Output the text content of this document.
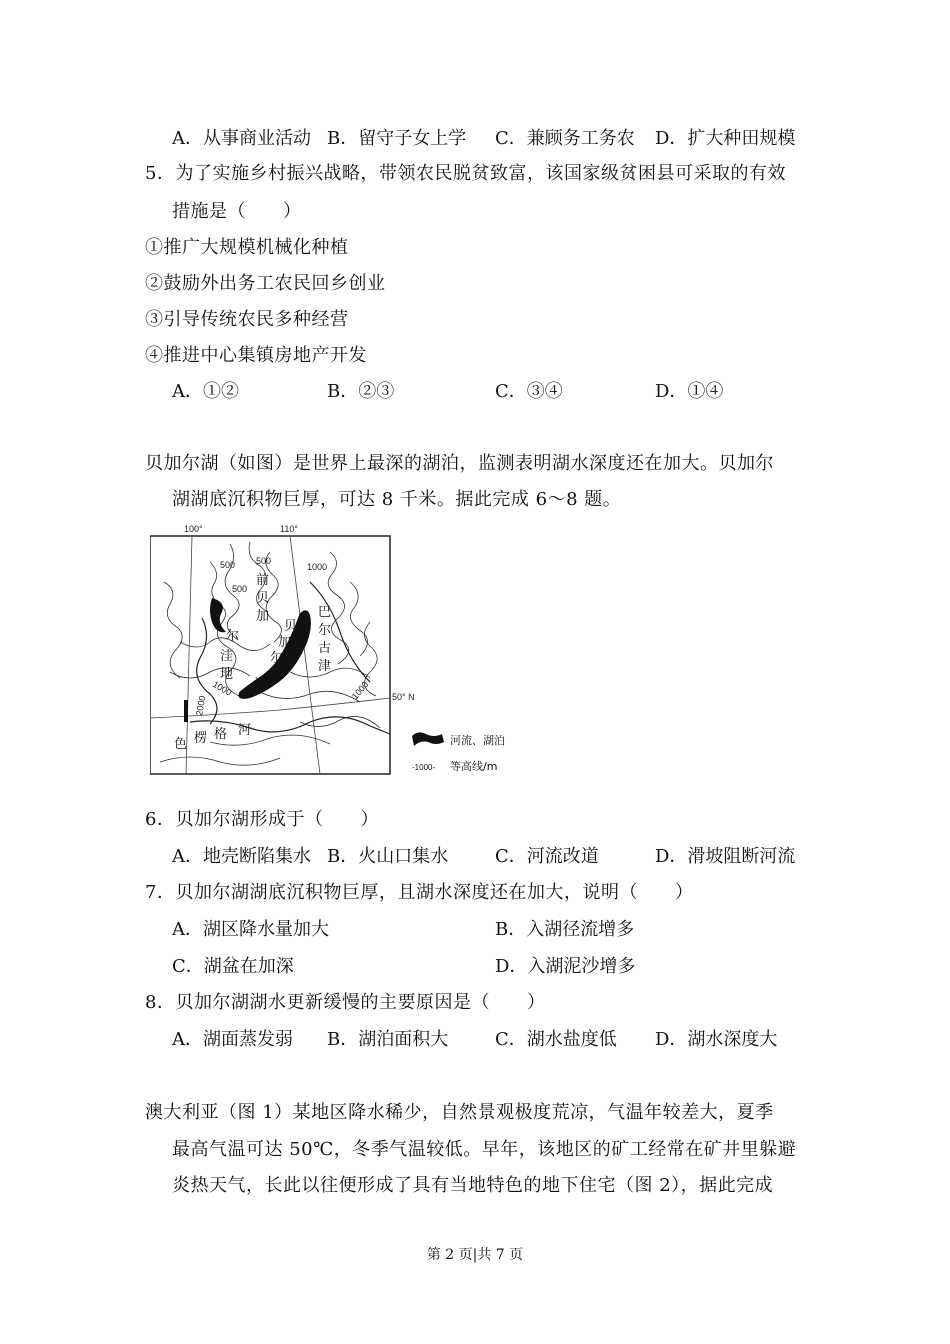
A．从事商业活动 B．留守子女上学 C．兼顾务工务农 D．扩大种田规模
5．为了实施乡村振兴战略，带领农民脱贫致富，该国家级贫困县可采取的有效
措施是（　　）
①推广大规模机械化种植
②鼓励外出务工农民回乡创业
③引导传统农民多种经营
④推进中心集镇房地产开发
A．①②	B．②③	C．③④	D．①④
贝加尔湖（如图）是世界上最深的湖泊，监测表明湖水深度还在加大。贝加尔
湖湖底沉积物巨厚，可达 8 千米。据此完成 6～8 题。
100°	110°
50° N
500 500
500
1000
1000	1000
2000
前
贝
加
尔
巴
尔
古
津
贝
加
尔
洼
地
湖
色 楞 格 河
河流、湖泊
-1000- 等高线/m
6．贝加尔湖形成于（　　）
A．地壳断陷集水 B．火山口集水	C．河流改道	D．滑坡阻断河流
7．贝加尔湖湖底沉积物巨厚，且湖水深度还在加大，说明（　　）
A．湖区降水量加大	B．入湖径流增多
C．湖盆在加深	D．入湖泥沙增多
8．贝加尔湖湖水更新缓慢的主要原因是（　　）
A．湖面蒸发弱 B．湖泊面积大	C．湖水盐度低 D．湖水深度大
澳大利亚（图 1）某地区降水稀少，自然景观极度荒凉，气温年较差大，夏季
最高气温可达 50℃，冬季气温较低。早年，该地区的矿工经常在矿井里躲避
炎热天气，长此以往便形成了具有当地特色的地下住宅（图 2），据此完成
第 2 页|共 7 页
